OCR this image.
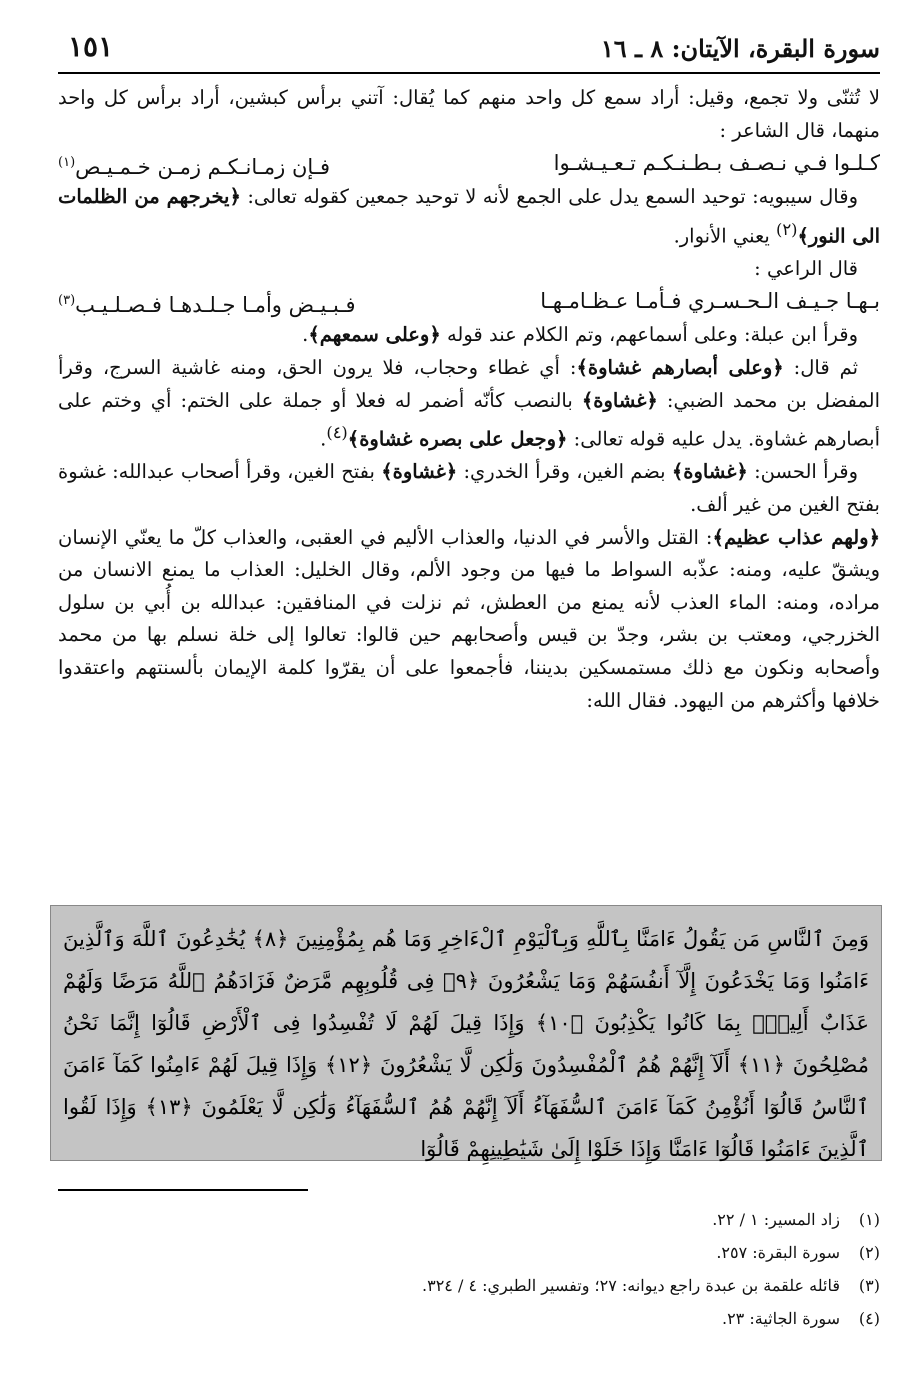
سورة البقرة، الآيتان: ٨ ـ ١٦
١٥١

لا تُثنّى ولا تجمع، وقيل: أراد سمع كل واحد منهم كما يُقال: آتني برأس كبشين، أراد برأس كل واحد منهما، قال الشاعر :

كـلـوا فـي نـصـف بـطـنـكـم تـعـيـشـوا
فـإن زمـانـكـم زمـن خـمـيـص$^{(١)}$

وقال سيبويه: توحيد السمع يدل على الجمع لأنه لا توحيد جمعين كقوله تعالى: ﴿يخرجهم من الظلمات الى النور﴾$^{(٢)}$ يعني الأنوار.

قال الراعي :

بـهـا جـيـف الـحـسـري فـأمـا عـظـامـهـا
فـبـيـض وأمـا جـلـدهـا فـصـلـيـب$^{(٣)}$

وقرأ ابن عبلة: وعلى أسماعهم، وتم الكلام عند قوله ﴿وعلى سمعهم﴾.

ثم قال: ﴿وعلى أبصارهم غشاوة﴾: أي غطاء وحجاب، فلا يرون الحق، ومنه غاشية السرج، وقرأ المفضل بن محمد الضبي: ﴿غشاوة﴾ بالنصب كأنّه أضمر له فعلا أو جملة على الختم: أي وختم على أبصارهم غشاوة. يدل عليه قوله تعالى: ﴿وجعل على بصره غشاوة﴾$^{(٤)}$.

وقرأ الحسن: ﴿غشاوة﴾ بضم الغين، وقرأ الخدري: ﴿غشاوة﴾ بفتح الغين، وقرأ أصحاب عبدالله: غشوة بفتح الغين من غير ألف.

﴿ولهم عذاب عظيم﴾: القتل والأسر في الدنيا، والعذاب الأليم في العقبى، والعذاب كلّ ما يعنّي الإنسان ويشقّ عليه، ومنه: عذّبه السواط ما فيها من وجود الألم، وقال الخليل: العذاب ما يمنع الانسان من مراده، ومنه: الماء العذب لأنه يمنع من العطش، ثم نزلت في المنافقين: عبدالله بن أُبي بن سلول الخزرجي، ومعتب بن بشر، وجدّ بن قيس وأصحابهم حين قالوا: تعالوا إلى خلة نسلم بها من محمد وأصحابه ونكون مع ذلك مستمسكين بديننا، فأجمعوا على أن يقرّوا كلمة الإيمان بألسنتهم واعتقدوا خلافها وأكثرهم من اليهود. فقال الله:

وَمِنَ ٱلنَّاسِ مَن يَقُولُ ءَامَنَّا بِٱللَّهِ وَبِٱلْيَوْمِ ٱلْءَاخِرِ وَمَا هُم بِمُؤْمِنِينَ ﴿٨﴾ يُخَٰدِعُونَ ٱللَّهَ وَٱلَّذِينَ ءَامَنُوا وَمَا يَخْدَعُونَ إِلَّآ أَنفُسَهُمْ وَمَا يَشْعُرُونَ ﴿٩﴾ فِى قُلُوبِهِم مَّرَضٌ فَزَادَهُمُ ٱللَّهُ مَرَضًا وَلَهُمْ عَذَابٌ أَلِيمٌۢ بِمَا كَانُوا يَكْذِبُونَ ﴿١٠﴾ وَإِذَا قِيلَ لَهُمْ لَا تُفْسِدُوا فِى ٱلْأَرْضِ قَالُوٓا إِنَّمَا نَحْنُ مُصْلِحُونَ ﴿١١﴾ أَلَآ إِنَّهُمْ هُمُ ٱلْمُفْسِدُونَ وَلَٰكِن لَّا يَشْعُرُونَ ﴿١٢﴾ وَإِذَا قِيلَ لَهُمْ ءَامِنُوا كَمَآ ءَامَنَ ٱلنَّاسُ قَالُوٓا أَنُؤْمِنُ كَمَآ ءَامَنَ ٱلسُّفَهَآءُ أَلَآ إِنَّهُمْ هُمُ ٱلسُّفَهَآءُ وَلَٰكِن لَّا يَعْلَمُونَ ﴿١٣﴾ وَإِذَا لَقُوا ٱلَّذِينَ ءَامَنُوا قَالُوٓا ءَامَنَّا وَإِذَا خَلَوْا إِلَىٰ شَيَٰطِينِهِمْ قَالُوٓا

(١)زاد المسير: ١ / ٢٢.
(٢)سورة البقرة: ٢٥٧.
(٣)قائله علقمة بن عبدة راجع ديوانه: ٢٧؛ وتفسير الطبري: ٤ / ٣٢٤.
(٤)سورة الجاثية: ٢٣.
